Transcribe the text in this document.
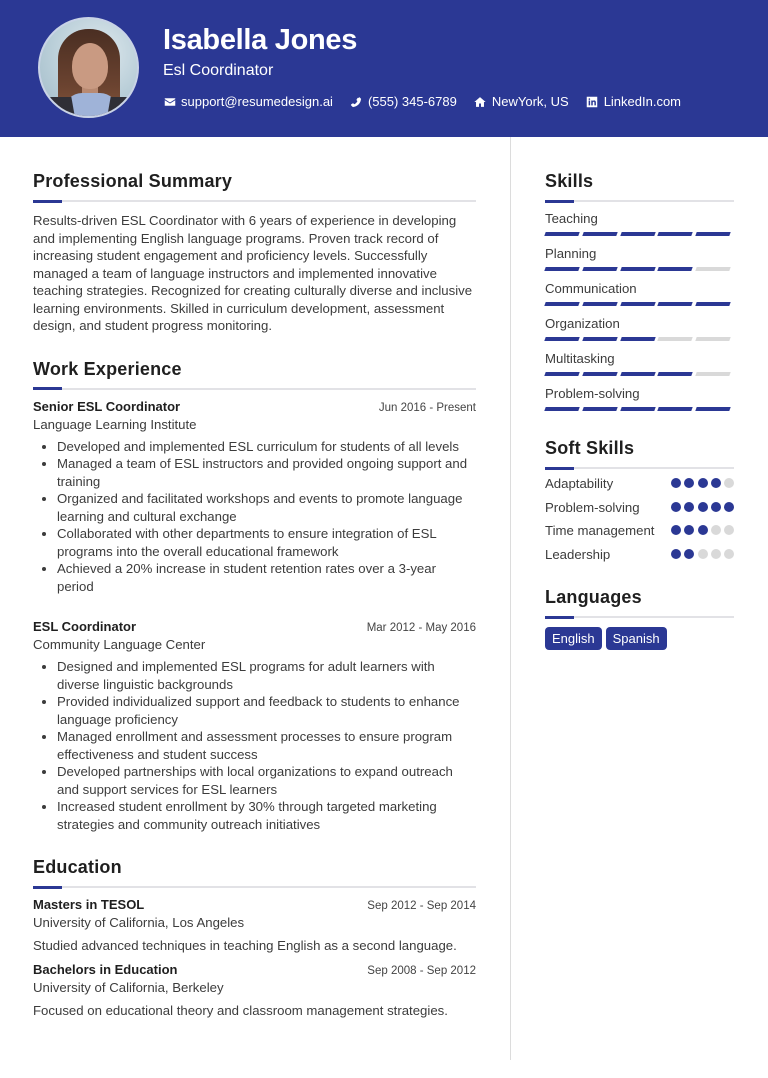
Isabella Jones
Esl Coordinator
support@resumedesign.ai	(555) 345-6789	NewYork, US	LinkedIn.com
Professional Summary
Results-driven ESL Coordinator with 6 years of experience in developing and implementing English language programs. Proven track record of increasing student engagement and proficiency levels. Successfully managed a team of language instructors and implemented innovative teaching strategies. Recognized for creating culturally diverse and inclusive learning environments. Skilled in curriculum development, assessment design, and student progress monitoring.
Work Experience
Senior ESL Coordinator	Jun 2016 - Present
Language Learning Institute
Developed and implemented ESL curriculum for students of all levels
Managed a team of ESL instructors and provided ongoing support and training
Organized and facilitated workshops and events to promote language learning and cultural exchange
Collaborated with other departments to ensure integration of ESL programs into the overall educational framework
Achieved a 20% increase in student retention rates over a 3-year period
ESL Coordinator	Mar 2012 - May 2016
Community Language Center
Designed and implemented ESL programs for adult learners with diverse linguistic backgrounds
Provided individualized support and feedback to students to enhance language proficiency
Managed enrollment and assessment processes to ensure program effectiveness and student success
Developed partnerships with local organizations to expand outreach and support services for ESL learners
Increased student enrollment by 30% through targeted marketing strategies and community outreach initiatives
Education
Masters in TESOL	Sep 2012 - Sep 2014
University of California, Los Angeles
Studied advanced techniques in teaching English as a second language.
Bachelors in Education	Sep 2008 - Sep 2012
University of California, Berkeley
Focused on educational theory and classroom management strategies.
Skills
Teaching
Planning
Communication
Organization
Multitasking
Problem-solving
Soft Skills
Adaptability
Problem-solving
Time management
Leadership
Languages
English	Spanish
